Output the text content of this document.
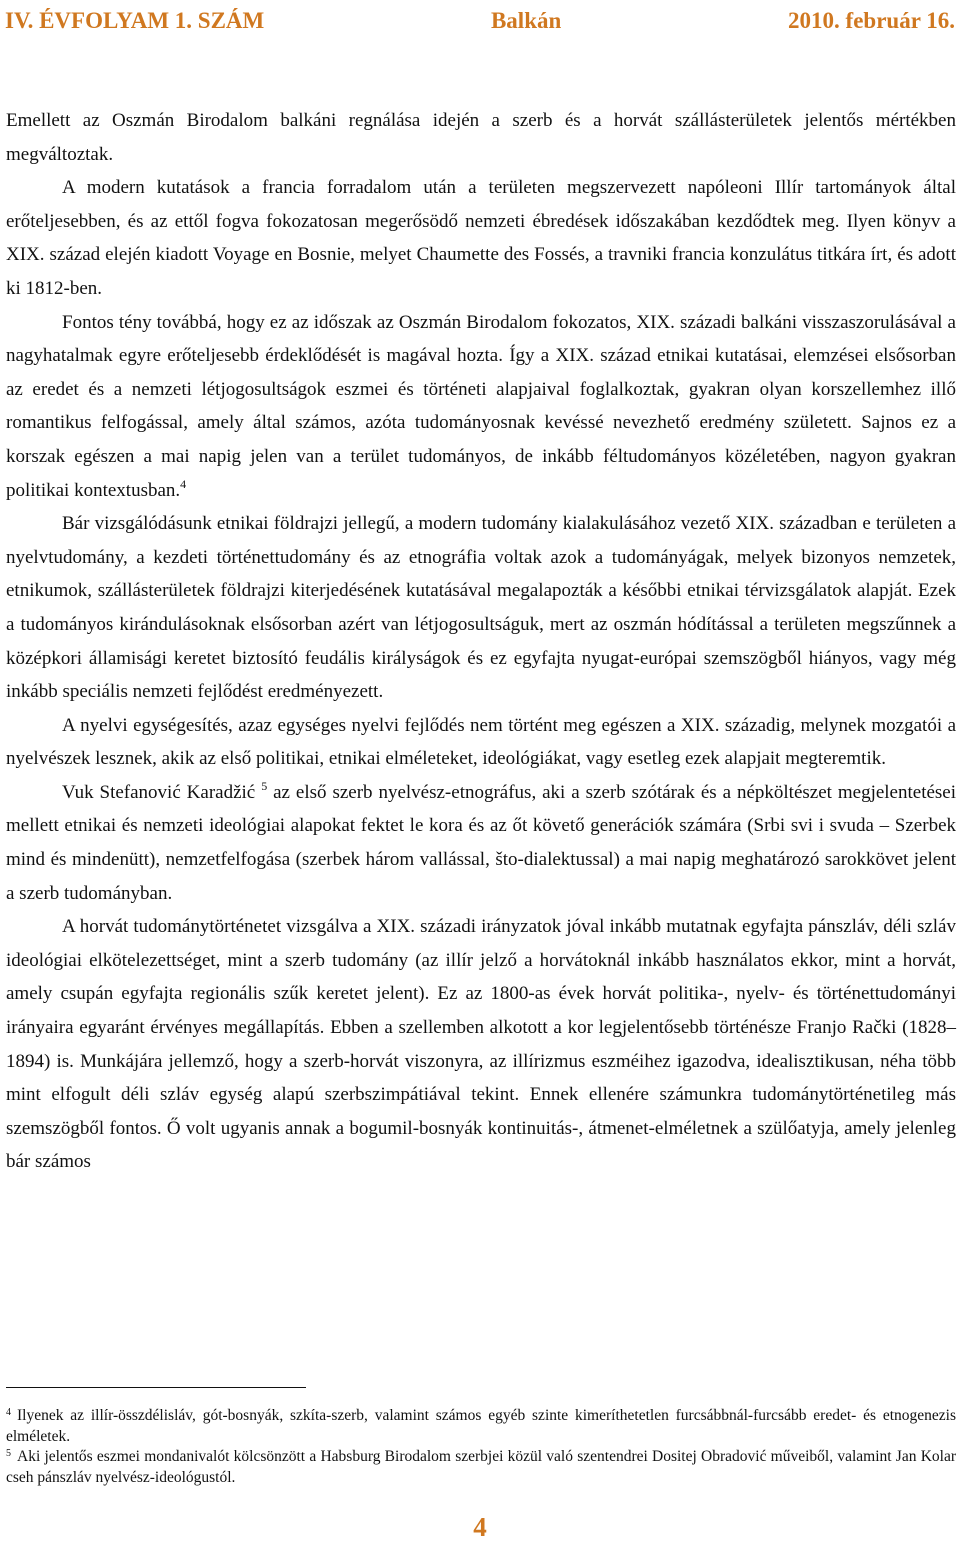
IV. ÉVFOLYAM 1. SZÁM	Balkán	2010. február 16.

Emellett az Oszmán Birodalom balkáni regnálása idején a szerb és a horvát szállásterületek jelentős mértékben megváltoztak.

A modern kutatások a francia forradalom után a területen megszervezett napóleoni Illír tartományok által erőteljesebben, és az ettől fogva fokozatosan megerősödő nemzeti ébredések időszakában kezdődtek meg. Ilyen könyv a XIX. század elején kiadott Voyage en Bosnie, melyet Chaumette des Fossés, a travniki francia konzulátus titkára írt, és adott ki 1812-ben.

Fontos tény továbbá, hogy ez az időszak az Oszmán Birodalom fokozatos, XIX. századi balkáni visszaszorulásával a nagyhatalmak egyre erőteljesebb érdeklődését is magával hozta. Így a XIX. század etnikai kutatásai, elemzései elsősorban az eredet és a nemzeti létjogosultságok eszmei és történeti alapjaival foglalkoztak, gyakran olyan korszellemhez illő romantikus felfogással, amely által számos, azóta tudományosnak kevéssé nevezhető eredmény született. Sajnos ez a korszak egészen a mai napig jelen van a terület tudományos, de inkább féltudományos közéletében, nagyon gyakran politikai kontextusban.$^4$

Bár vizsgálódásunk etnikai földrajzi jellegű, a modern tudomány kialakulásához vezető XIX. században e területen a nyelvtudomány, a kezdeti történettudomány és az etnográfia voltak azok a tudományágak, melyek bizonyos nemzetek, etnikumok, szállásterületek földrajzi kiterjedésének kutatásával megalapozták a későbbi etnikai térvizsgálatok alapját. Ezek a tudományos kirándulásoknak elsősorban azért van létjogosultságuk, mert az oszmán hódítással a területen megszűnnek a középkori államisági keretet biztosító feudális királyságok és ez egyfajta nyugat-európai szemszögből hiányos, vagy még inkább speciális nemzeti fejlődést eredményezett.

A nyelvi egységesítés, azaz egységes nyelvi fejlődés nem történt meg egészen a XIX. századig, melynek mozgatói a nyelvészek lesznek, akik az első politikai, etnikai elméleteket, ideológiákat, vagy esetleg ezek alapjait megteremtik.

Vuk Stefanović Karadžić $^5$ az első szerb nyelvész-etnográfus, aki a szerb szótárak és a népköltészet megjelentetései mellett etnikai és nemzeti ideológiai alapokat fektet le kora és az őt követő generációk számára (Srbi svi i svuda – Szerbek mind és mindenütt), nemzetfelfogása (szerbek három vallással, što-dialektussal) a mai napig meghatározó sarokkövet jelent a szerb tudományban.

A horvát tudománytörténetet vizsgálva a XIX. századi irányzatok jóval inkább mutatnak egyfajta pánszláv, déli szláv ideológiai elkötelezettséget, mint a szerb tudomány (az illír jelző a horvátoknál inkább használatos ekkor, mint a horvát, amely csupán egyfajta regionális szűk keretet jelent). Ez az 1800-as évek horvát politika-, nyelv- és történettudományi irányaira egyaránt érvényes megállapítás. Ebben a szellemben alkotott a kor legjelentősebb történésze Franjo Rački (1828–1894) is. Munkájára jellemző, hogy a szerb-horvát viszonyra, az illírizmus eszméihez igazodva, idealisztikusan, néha több mint elfogult déli szláv egység alapú szerbszimpátiával tekint. Ennek ellenére számunkra tudománytörténetileg más szemszögből fontos. Ő volt ugyanis annak a bogumil-bosnyák kontinuitás-, átmenet-elméletnek a szülőatyja, amely jelenleg bár számos

$^4$ Ilyenek az illír-összdélisláv, gót-bosnyák, szkíta-szerb, valamint számos egyéb szinte kimeríthetetlen furcsábbnál-furcsább eredet- és etnogenezis elméletek.

$^5$ Aki jelentős eszmei mondanivalót kölcsönzött a Habsburg Birodalom szerbjei közül való szentendrei Dositej Obradović műveiből, valamint Jan Kolar cseh pánszláv nyelvész-ideológustól.

4
